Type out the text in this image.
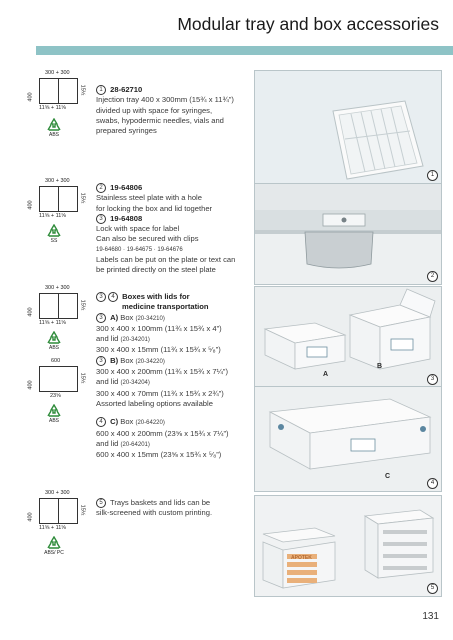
Modular tray and box accessories
300 + 300
400
15½
11⅝ + 11⅝
ABS
300 + 300
400
15½
11⅝ + 11⅝
SS
300 + 300
400
15½
11⅝ + 11⅝
ABS
600
400
15½
23⅝
ABS
300 + 300
400
15½
11⅝ + 11⅝
ABS/ PC
1 28-62710
Injection tray 400 x 300mm (15¾ x 11¾”)
divided up with space for syringes,
swabs, hypodermic needles, vials and
prepared syringes
2 19-64806
Stainless steel plate with a hole
for locking the box and lid together
3 19-64808
Lock with space for label
Can also be secured with clips
19-64680 · 19-64675 · 19-64676
Labels can be put on the plate or text can
be printed directly on the steel plate
3 4 Boxes with lids for
medicine transportation
3 A) Box (20-34210)
300 x 400 x 100mm (11¾ x 15¾ x 4”)
and lid (20-34201)
300 x 400 x 15mm (11¾ x 15¾ x ⁵⁄₈”)
3 B) Box (20-34220)
300 x 400 x 200mm (11¾ x 15¾ x 7¼”)
and lid (20-34204)
300 x 400 x 70mm (11¾ x 15¾ x 2¾”)
Assorted labeling options available
4 C) Box (20-64220)
600 x 400 x 200mm (23⅝ x 15¾ x 7¼”)
and lid (20-64201)
600 x 400 x 15mm (23⅝ x 15¾ x ⁵⁄₈”)
5 Trays baskets and lids can be
silk-screened with custom printing.
1
2
A
B
3
C
4
APOTEK
5
131
